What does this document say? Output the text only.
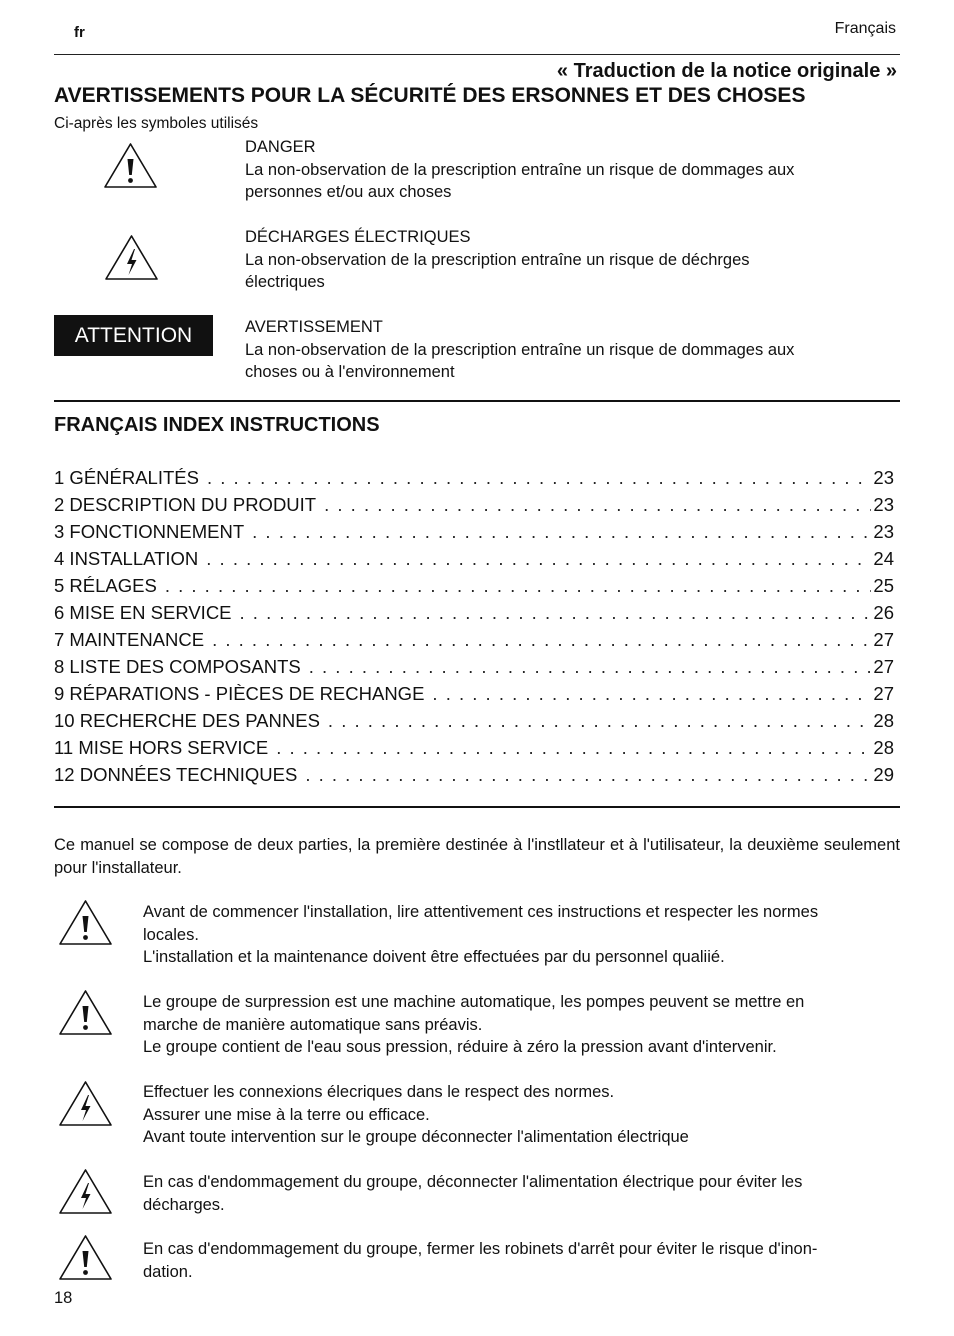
fr	Français
« Traduction de la notice originale »
AVERTISSEMENTS POUR LA SÉCURITÉ DES ERSONNES ET DES CHOSES
Ci-après les symboles utilisés
DANGER
La non-observation de la prescription entraîne un risque de dommages aux
personnes et/ou aux choses
DÉCHARGES ÉLECTRIQUES
La non-observation de la prescription entraîne un risque de déchrges
électriques
ATTENTION	AVERTISSEMENT
La non-observation de la prescription entraîne un risque de dommages aux
choses ou à l'environnement
FRANÇAIS INDEX INSTRUCTIONS
1 GÉNÉRALITÉS . . .	23
2 DESCRIPTION DU PRODUIT . . .	23
3 FONCTIONNEMENT . . .	23
4 INSTALLATION . . .	24
5 RÉLAGES . . .	25
6 MISE EN SERVICE . . .	26
7 MAINTENANCE . . .	27
8 LISTE DES COMPOSANTS . . .	27
9 RÉPARATIONS - PIÈCES DE RECHANGE . . .	27
10 RECHERCHE DES PANNES . . .	28
11 MISE HORS SERVICE . . .	28
12 DONNÉES TECHNIQUES . . .	29
Ce manuel se compose de deux parties, la première destinée à l'instllateur et à l'utilisateur, la deuxième seulement pour l'installateur.
Avant de commencer l'installation, lire attentivement ces instructions et respecter les normes
locales.
L'installation et la maintenance doivent être effectuées par du personnel qualiié.
Le groupe de surpression est une machine automatique, les pompes peuvent se mettre en
marche de manière automatique sans préavis.
Le groupe contient de l'eau sous pression, réduire à zéro la pression avant d'intervenir.
Effectuer les connexions élecriques dans le respect des normes.
Assurer une mise à la terre ou efficace.
Avant toute intervention sur le groupe déconnecter l'alimentation électrique
En cas d'endommagement du groupe, déconnecter l'alimentation électrique pour éviter les
décharges.
En cas d'endommagement du groupe, fermer les robinets d'arrêt pour éviter le risque d'inon-
dation.
18
